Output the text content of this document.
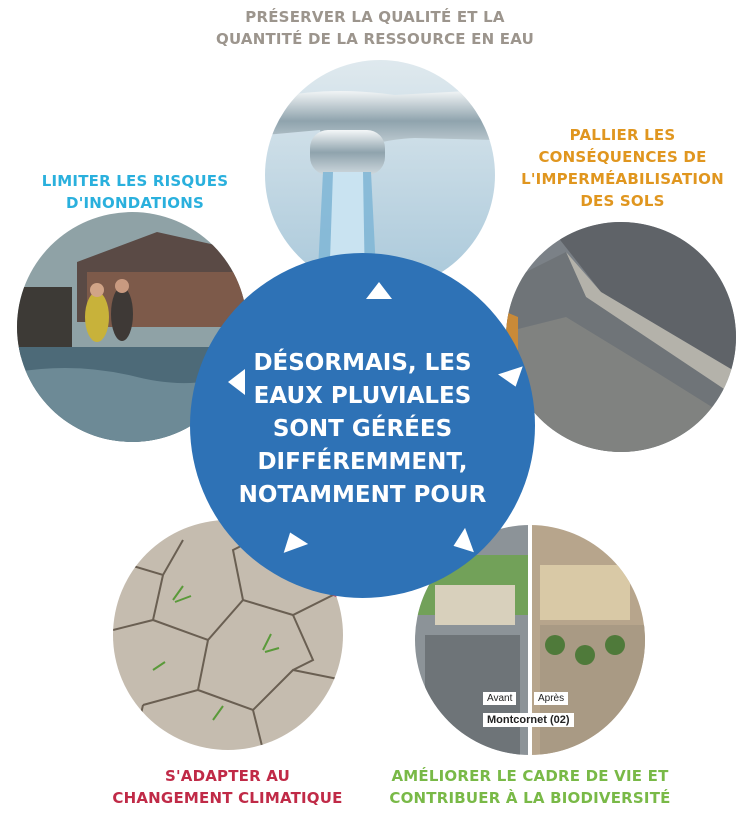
DÉSORMAIS, LES
EAUX PLUVIALES
SONT GÉRÉES
DIFFÉREMMENT,
NOTAMMENT POUR
Avant	Après
Montcornet (02)
PRÉSERVER LA QUALITÉ ET LA
QUANTITÉ DE LA RESSOURCE EN EAU
LIMITER LES RISQUES
D'INONDATIONS
PALLIER LES
CONSÉQUENCES DE
L'IMPERMÉABILISATION
DES SOLS
S'ADAPTER AU
CHANGEMENT CLIMATIQUE
AMÉLIORER LE CADRE DE VIE ET
CONTRIBUER À LA BIODIVERSITÉ
